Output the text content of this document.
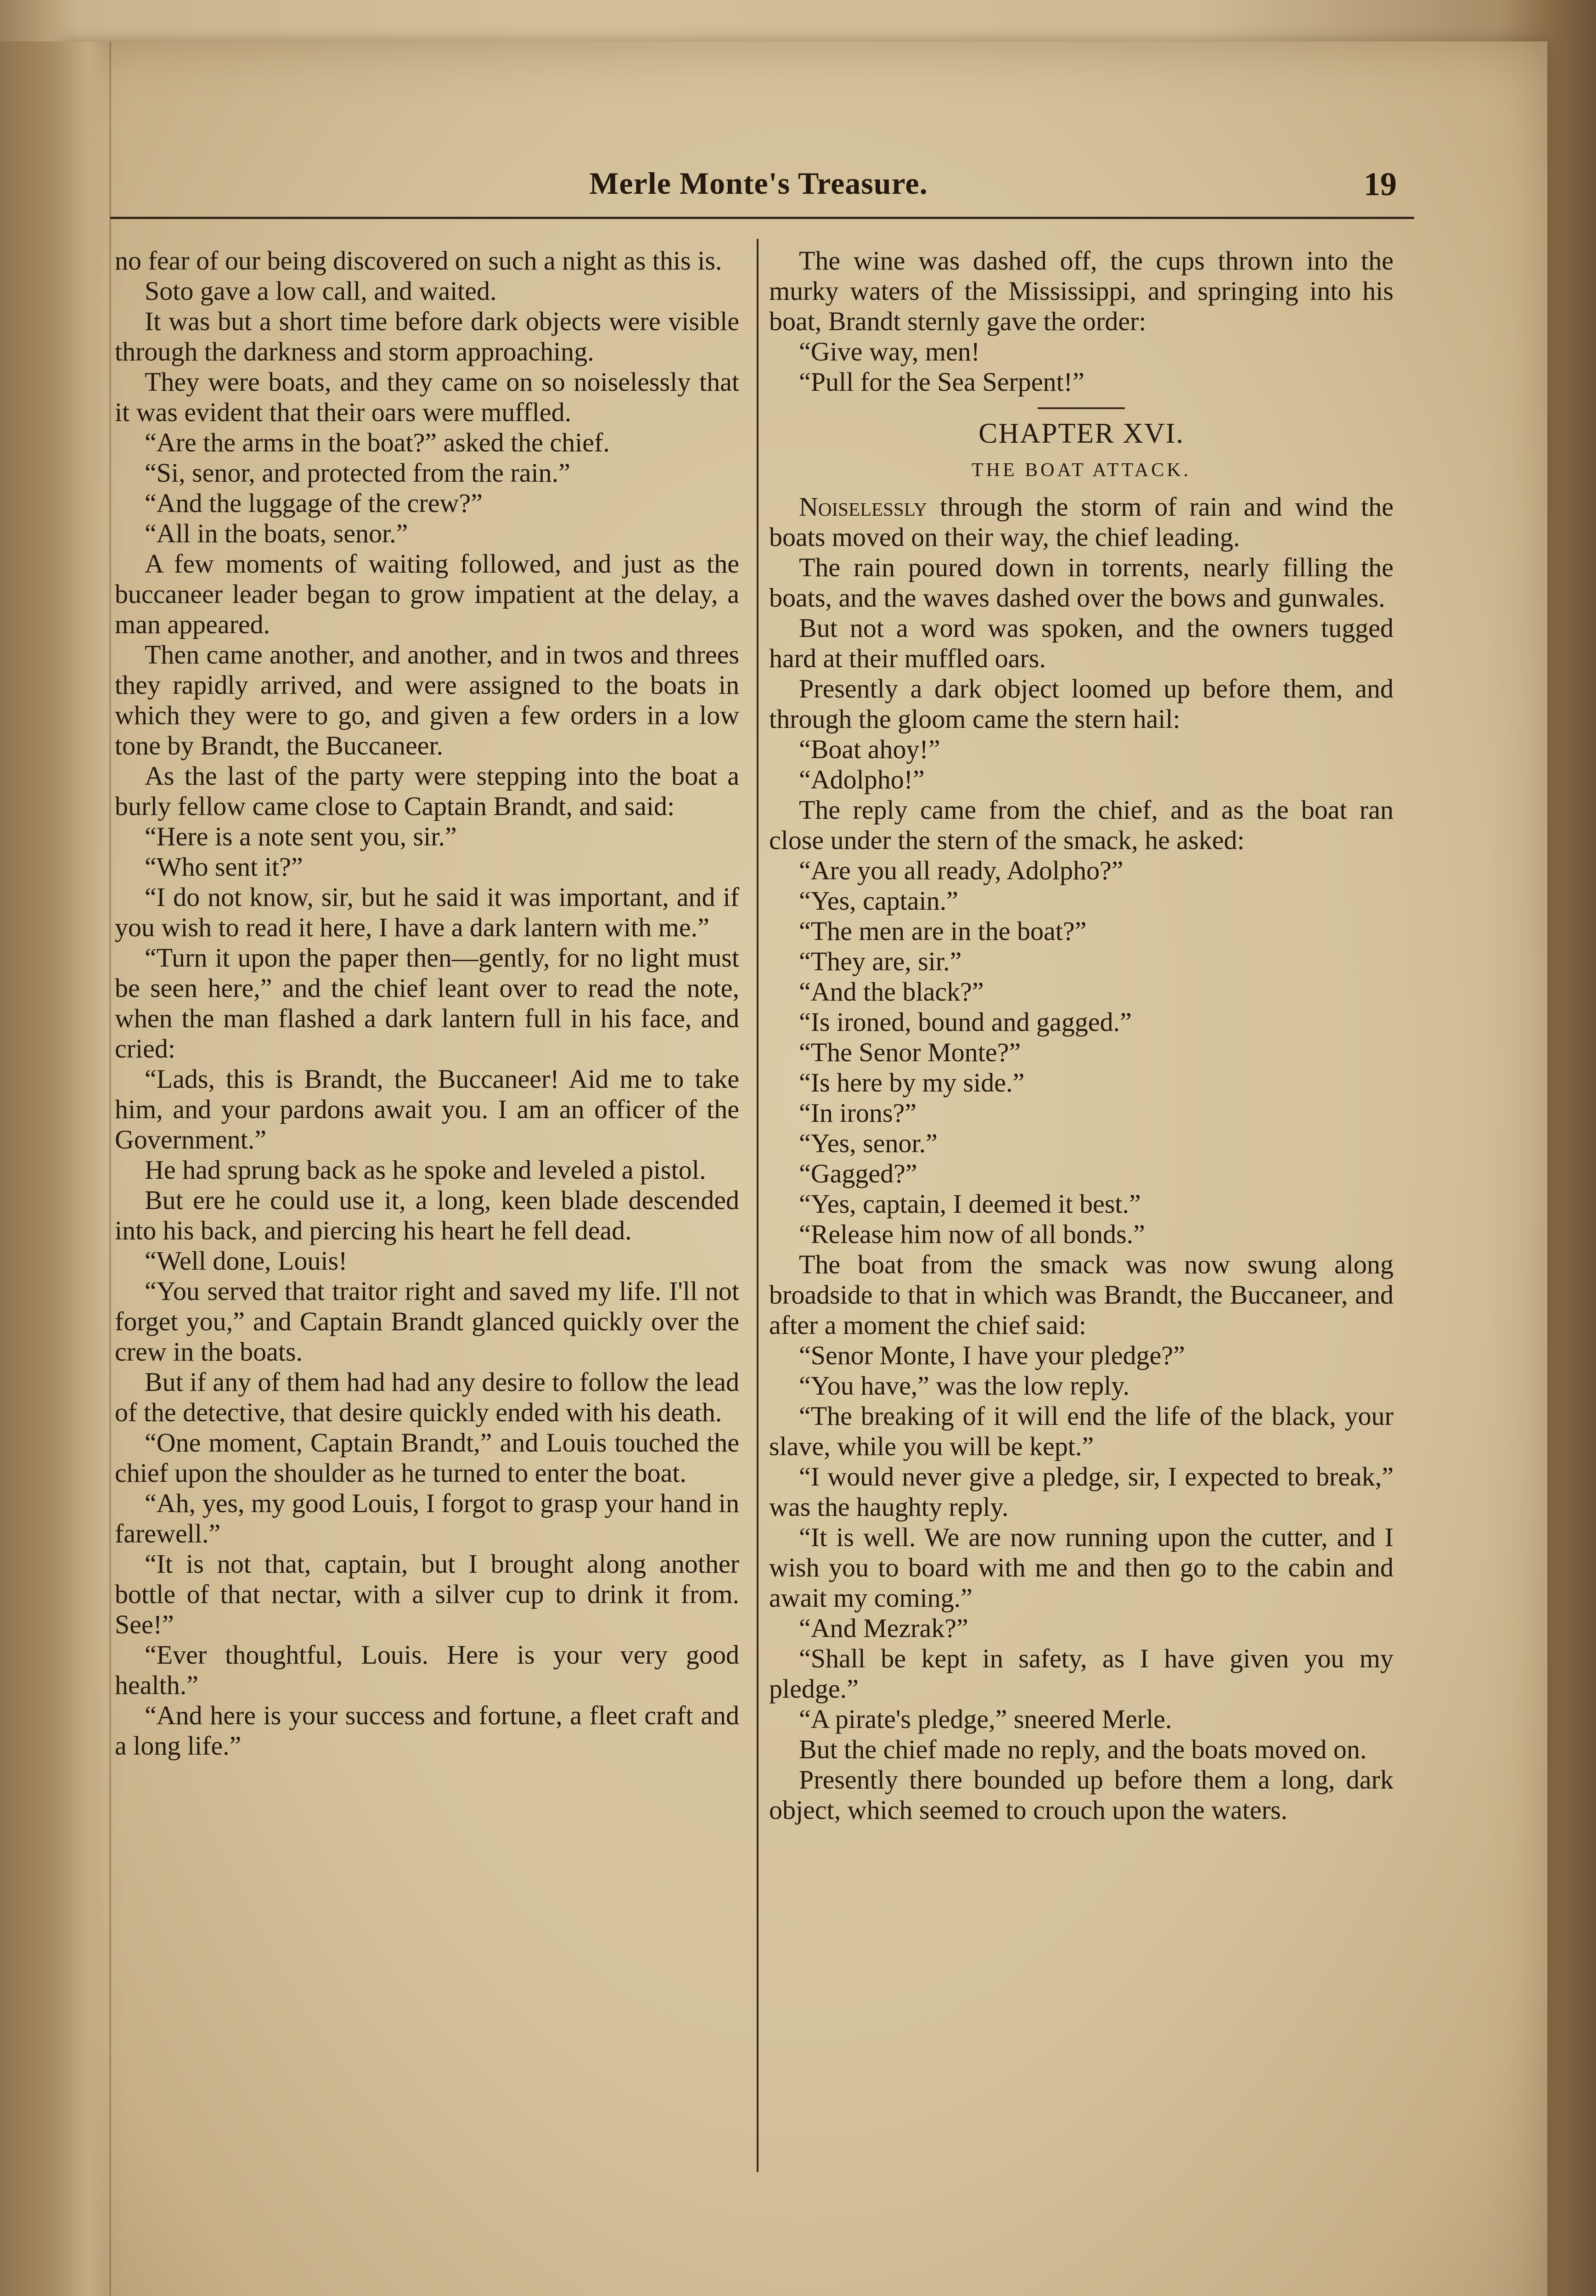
Merle Monte's Treasure.	19

no fear of our being discovered on such a night as this is.

Soto gave a low call, and waited.

It was but a short time before dark objects were visible through the darkness and storm approaching.

They were boats, and they came on so noiselessly that it was evident that their oars were muffled.

“Are the arms in the boat?” asked the chief.

“Si, senor, and protected from the rain.”

“And the luggage of the crew?”

“All in the boats, senor.”

A few moments of waiting followed, and just as the buccaneer leader began to grow impatient at the delay, a man appeared.

Then came another, and another, and in twos and threes they rapidly arrived, and were assigned to the boats in which they were to go, and given a few orders in a low tone by Brandt, the Buccaneer.

As the last of the party were stepping into the boat a burly fellow came close to Captain Brandt, and said:

“Here is a note sent you, sir.”

“Who sent it?”

“I do not know, sir, but he said it was important, and if you wish to read it here, I have a dark lantern with me.”

“Turn it upon the paper then—gently, for no light must be seen here,” and the chief leant over to read the note, when the man flashed a dark lantern full in his face, and cried:

“Lads, this is Brandt, the Buccaneer! Aid me to take him, and your pardons await you. I am an officer of the Government.”

He had sprung back as he spoke and leveled a pistol.

But ere he could use it, a long, keen blade descended into his back, and piercing his heart he fell dead.

“Well done, Louis!

“You served that traitor right and saved my life. I'll not forget you,” and Captain Brandt glanced quickly over the crew in the boats.

But if any of them had had any desire to follow the lead of the detective, that desire quickly ended with his death.

“One moment, Captain Brandt,” and Louis touched the chief upon the shoulder as he turned to enter the boat.

“Ah, yes, my good Louis, I forgot to grasp your hand in farewell.”

“It is not that, captain, but I brought along another bottle of that nectar, with a silver cup to drink it from. See!”

“Ever thoughtful, Louis. Here is your very good health.”

“And here is your success and fortune, a fleet craft and a long life.”

The wine was dashed off, the cups thrown into the murky waters of the Mississippi, and springing into his boat, Brandt sternly gave the order:

“Give way, men!

“Pull for the Sea Serpent!”

CHAPTER XVI.
THE BOAT ATTACK.

Noiselessly through the storm of rain and wind the boats moved on their way, the chief leading.

The rain poured down in torrents, nearly filling the boats, and the waves dashed over the bows and gunwales.

But not a word was spoken, and the owners tugged hard at their muffled oars.

Presently a dark object loomed up before them, and through the gloom came the stern hail:

“Boat ahoy!”

“Adolpho!”

The reply came from the chief, and as the boat ran close under the stern of the smack, he asked:

“Are you all ready, Adolpho?”

“Yes, captain.”

“The men are in the boat?”

“They are, sir.”

“And the black?”

“Is ironed, bound and gagged.”

“The Senor Monte?”

“Is here by my side.”

“In irons?”

“Yes, senor.”

“Gagged?”

“Yes, captain, I deemed it best.”

“Release him now of all bonds.”

The boat from the smack was now swung along broadside to that in which was Brandt, the Buccaneer, and after a moment the chief said:

“Senor Monte, I have your pledge?”

“You have,” was the low reply.

“The breaking of it will end the life of the black, your slave, while you will be kept.”

“I would never give a pledge, sir, I expected to break,” was the haughty reply.

“It is well. We are now running upon the cutter, and I wish you to board with me and then go to the cabin and await my coming.”

“And Mezrak?”

“Shall be kept in safety, as I have given you my pledge.”

“A pirate's pledge,” sneered Merle.

But the chief made no reply, and the boats moved on.

Presently there bounded up before them a long, dark object, which seemed to crouch upon the waters.
